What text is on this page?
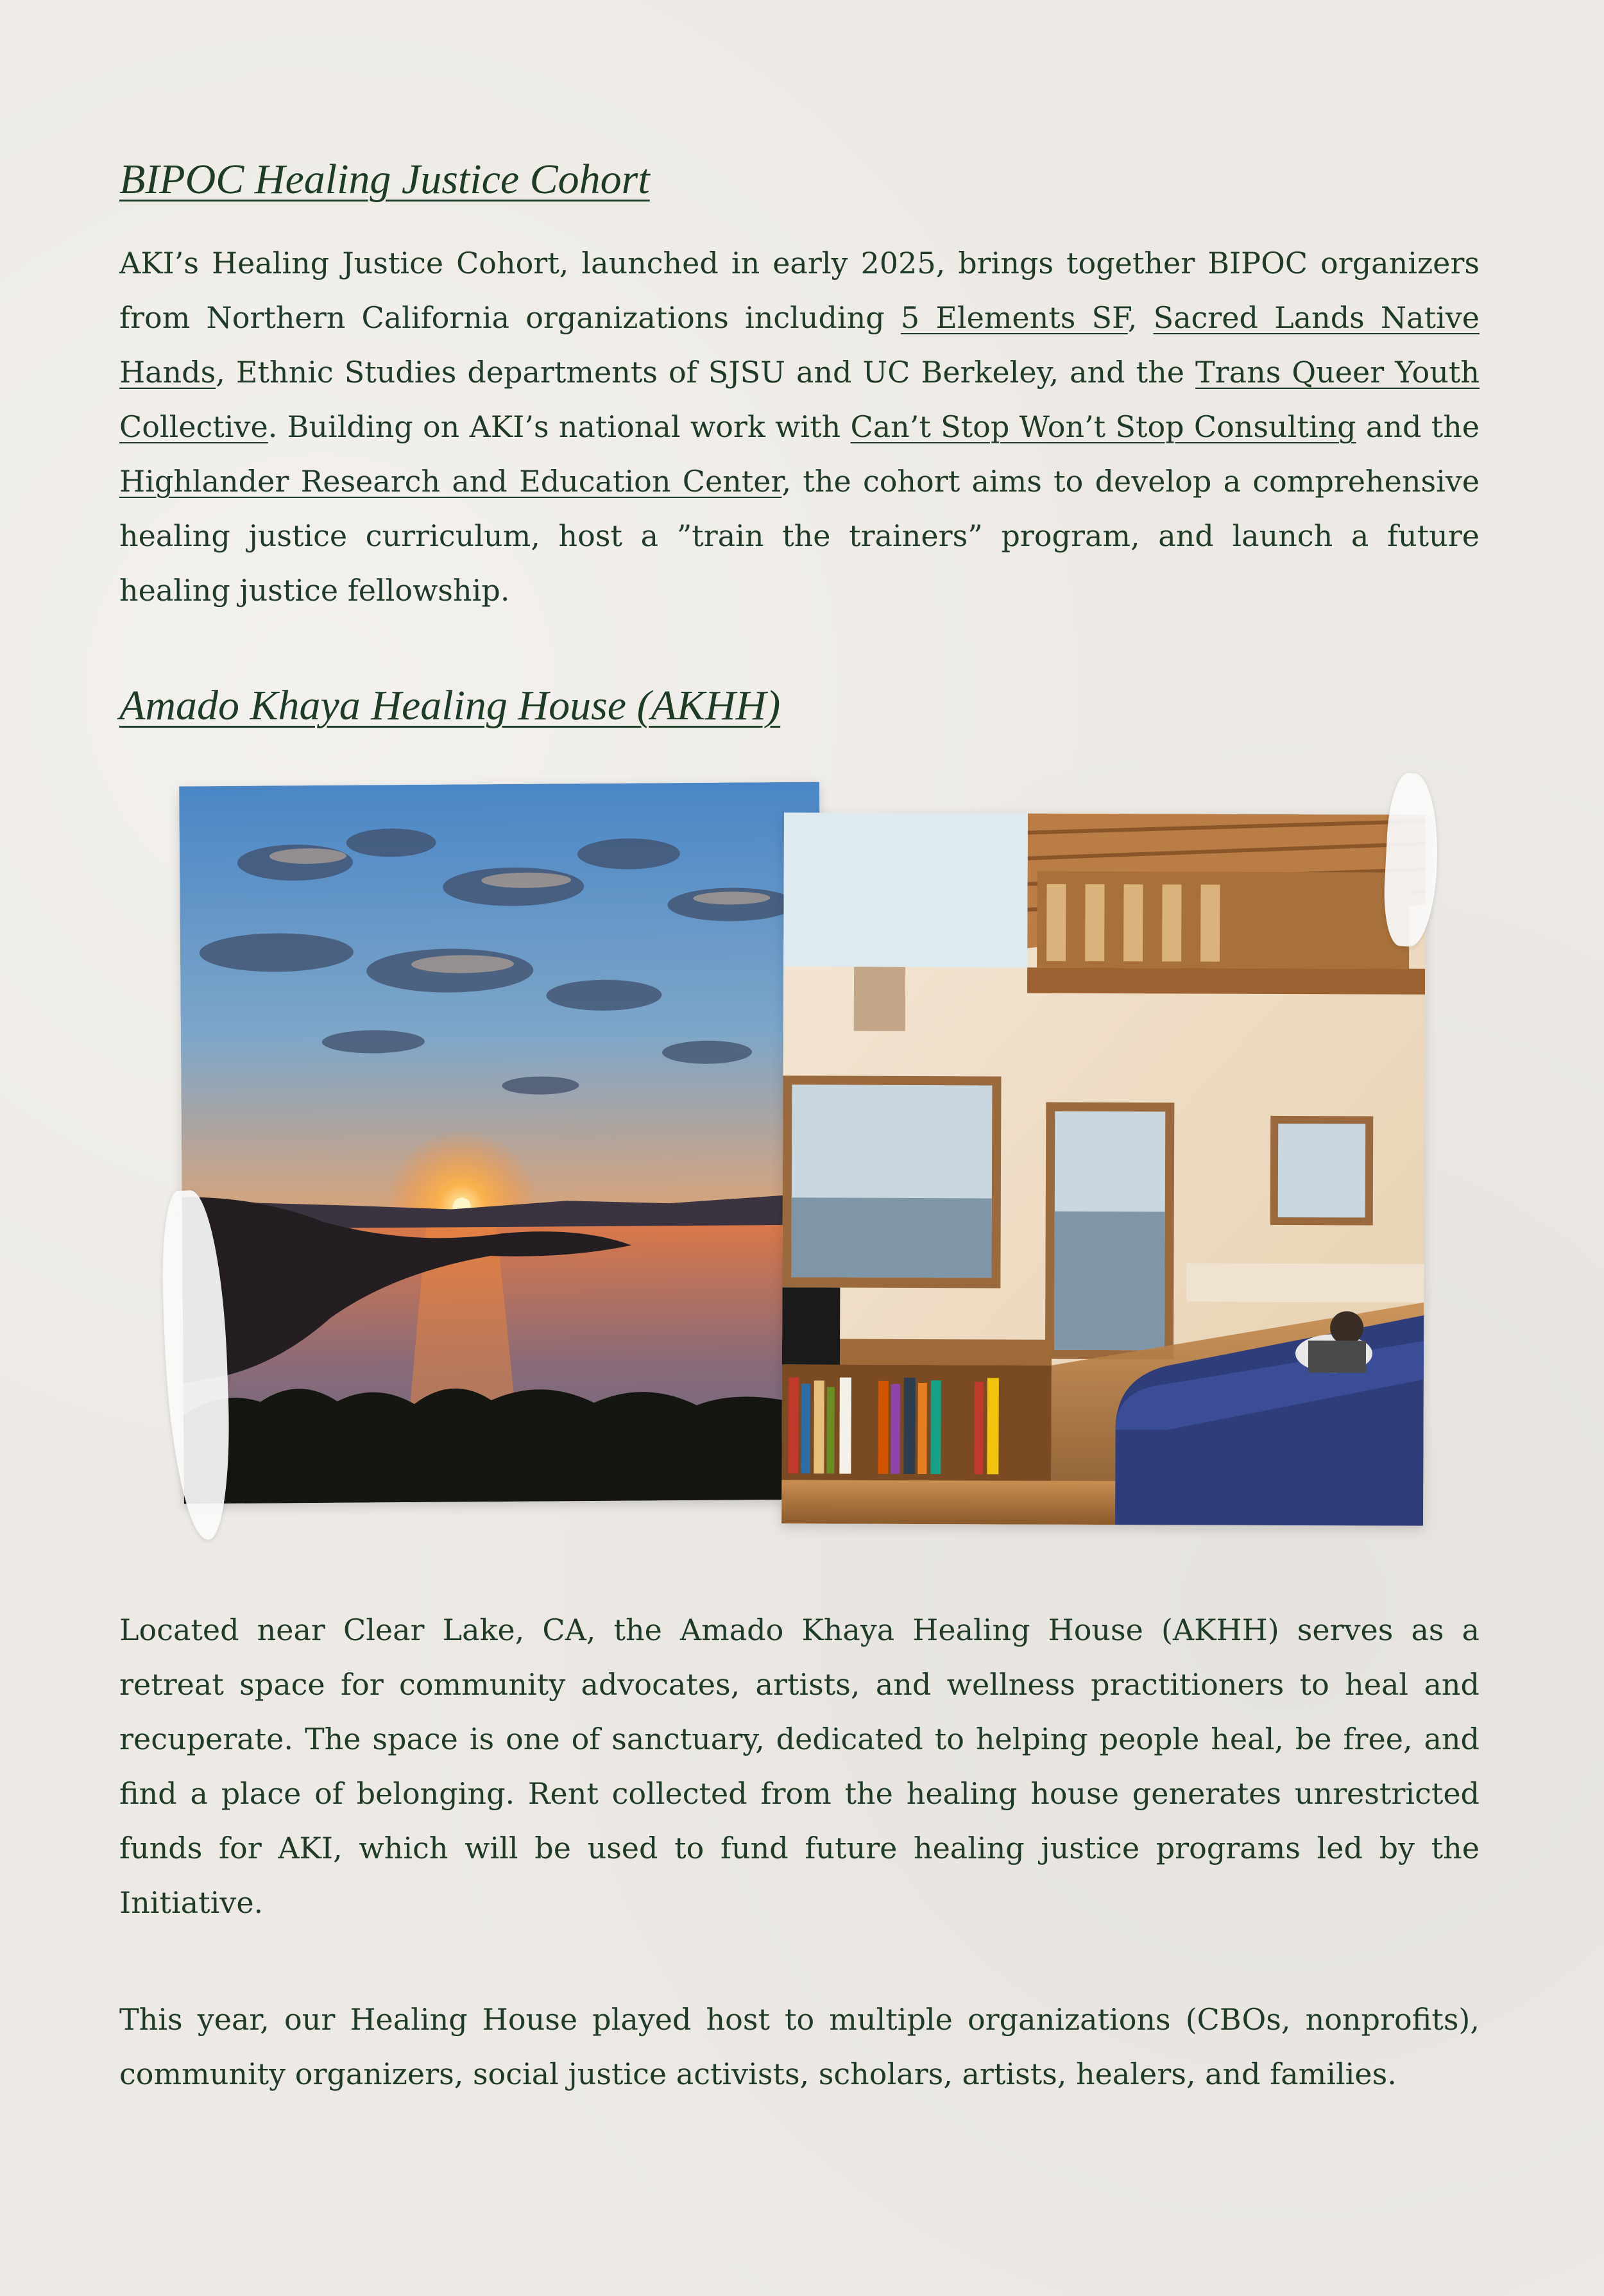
BIPOC Healing Justice Cohort

AKI’s Healing Justice Cohort, launched in early 2025, brings together BIPOC organizers from Northern California organizations including 5 Elements SF, Sacred Lands Native Hands, Ethnic Studies departments of SJSU and UC Berkeley, and the Trans Queer Youth Collective. Building on AKI’s national work with Can’t Stop Won’t Stop Consulting and the Highlander Research and Education Center, the cohort aims to develop a comprehensive healing justice curriculum, host a ”train the trainers” program, and launch a future healing justice fellowship.

Amado Khaya Healing House (AKHH)

Located near Clear Lake, CA, the Amado Khaya Healing House (AKHH) serves as a retreat space for community advocates, artists, and wellness practitioners to heal and recuperate. The space is one of sanctuary, dedicated to helping people heal, be free, and find a place of belonging. Rent collected from the healing house generates unrestricted funds for AKI, which will be used to fund future healing justice programs led by the Initiative.

This year, our Healing House played host to multiple organizations (CBOs, nonprofits), community organizers, social justice activists, scholars, artists, healers, and families.
